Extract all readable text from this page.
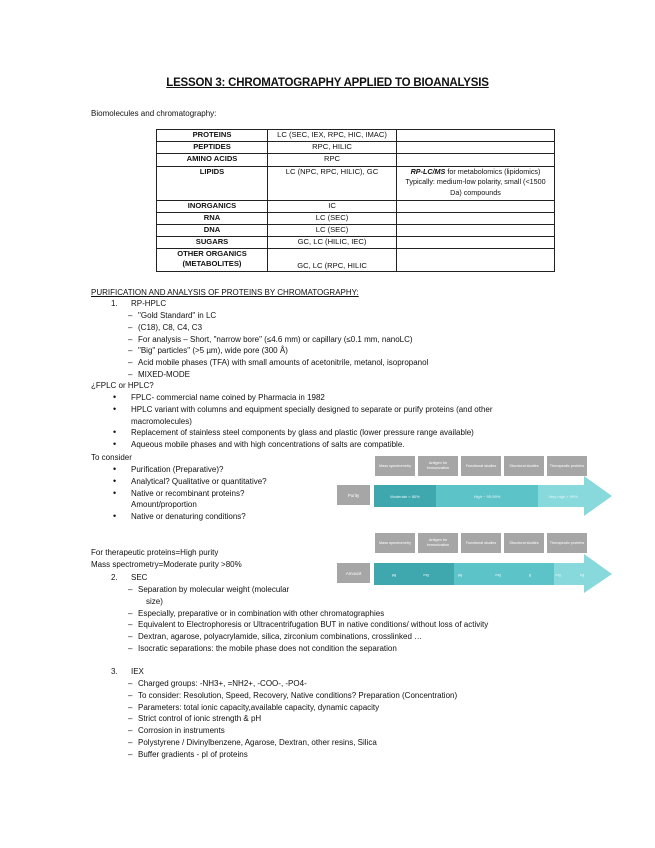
LESSON 3: CHROMATOGRAPHY APPLIED TO BIOANALYSIS
Biomolecules and chromatography:
PROTEINS	LC (SEC, IEX, RPC, HIC, IMAC)	
PEPTIDES	RPC, HILIC	
AMINO ACIDS	RPC	
LIPIDS	LC (NPC, RPC, HILIC), GC	RP-LC/MS for metabolomics (lipidomics) Typically: medium-low polarity, small (<1500 Da) compounds
INORGANICS	IC	
RNA	LC (SEC)	
DNA	LC (SEC)	
SUGARS	GC, LC (HILIC, IEC)	
OTHER ORGANICS (METABOLITES)	GC, LC (RPC, HILIC	
PURIFICATION AND ANALYSIS OF PROTEINS BY CHROMATOGRAPHY:
1. RP-HPLC
– "Gold Standard" in LC
– (C18), C8, C4, C3
– For analysis – Short, "narrow bore" (≤4.6 mm) or capillary (≤0.1 mm, nanoLC)
– "Big" particles" (>5 µm), wide pore (300 Å)
– Acid mobile phases (TFA) with small amounts of acetonitrile, metanol, isopropanol
– MIXED-MODE
¿FPLC or HPLC?
• FPLC- commercial name coined by Pharmacia in 1982
• HPLC variant with columns and equipment specially designed to separate or purify proteins (and other
macromolecules)
• Replacement of stainless steel components by glass and plastic (lower pressure range available)
• Aqueous mobile phases and with high concentrations of salts are compatible.
To consider
• Purification (Preparative)?
• Analytical? Qualitative or quantitative?
• Native or recombinant proteins?
Amount/proportion
• Native or denaturing conditions?
Mass spectrometry
Antigen for immunization
Functional studies	Structural studies	Therapeutic proteins
Purity	Moderate > 80%	High ~ 95-99%	Very high > 99%
For therapeutic proteins=High purity
Mass spectrometry=Moderate purity >80%
Mass spectrometry
Antigen for immunization
Functional studies	Structural studies	Therapeutic proteins
Amount	µg	mg	µg	mg	g	mg	kg
2. SEC
– Separation by molecular weight (molecular
size)
– Especially, preparative or in combination with other chromatographies
– Equivalent to Electrophoresis or Ultracentrifugation BUT in native conditions/ without loss of activity
– Dextran, agarose, polyacrylamide, silica, zirconium combinations, crosslinked …
– Isocratic separations: the mobile phase does not condition the separation
3. IEX
– Charged groups: -NH3+, =NH2+, -COO-, -PO4-
– To consider: Resolution, Speed, Recovery, Native conditions? Preparation (Concentration)
– Parameters: total ionic capacity,available capacity, dynamic capacity
– Strict control of ionic strength & pH
– Corrosion in instruments
– Polystyrene / Divinylbenzene, Agarose, Dextran, other resins, Silica
– Buffer gradients - pI of proteins
